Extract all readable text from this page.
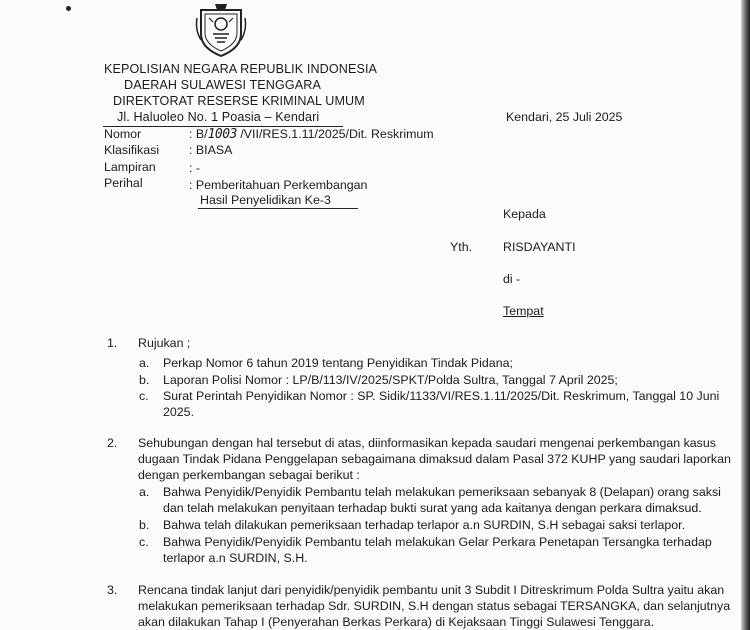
KEPOLISIAN NEGARA REPUBLIK INDONESIA
DAERAH SULAWESI TENGGARA
DIREKTORAT RESERSE KRIMINAL UMUM
Jl. Haluoleo No. 1 Poasia – Kendari	Kendari, 25 Juli 2025
Nomor	: B/1003 /VII/RES.1.11/2025/Dit. Reskrimum
Klasifikasi : BIASA
Lampiran	: -
Perihal	: Pemberitahuan Perkembangan
Hasil Penyelidikan Ke-3
Kepada
Yth. RISDAYANTI
di -
Tempat
1. Rujukan ;
a. Perkap Nomor 6 tahun 2019 tentang Penyidikan Tindak Pidana;
b. Laporan Polisi Nomor : LP/B/113/IV/2025/SPKT/Polda Sultra, Tanggal 7 April 2025;
c. Surat Perintah Penyidikan Nomor : SP. Sidik/1133/VI/RES.1.11/2025/Dit. Reskrimum, Tanggal 10 Juni
2025.
2. Sehubungan dengan hal tersebut di atas, diinformasikan kepada saudari mengenai perkembangan kasus
dugaan Tindak Pidana Penggelapan sebagaimana dimaksud dalam Pasal 372 KUHP yang saudari laporkan
dengan perkembangan sebagai berikut :
a. Bahwa Penyidik/Penyidik Pembantu telah melakukan pemeriksaan sebanyak 8 (Delapan) orang saksi
dan telah melakukan penyitaan terhadap bukti surat yang ada kaitanya dengan perkara dimaksud.
b. Bahwa telah dilakukan pemeriksaan terhadap terlapor a.n SURDIN, S.H sebagai saksi terlapor.
c. Bahwa Penyidik/Penyidik Pembantu telah melakukan Gelar Perkara Penetapan Tersangka terhadap
terlapor a.n SURDIN, S.H.
3. Rencana tindak lanjut dari penyidik/penyidik pembantu unit 3 Subdit I Ditreskrimum Polda Sultra yaitu akan
melakukan pemeriksaan terhadap Sdr. SURDIN, S.H dengan status sebagai TERSANGKA, dan selanjutnya
akan dilakukan Tahap I (Penyerahan Berkas Perkara) di Kejaksaan Tinggi Sulawesi Tenggara.
